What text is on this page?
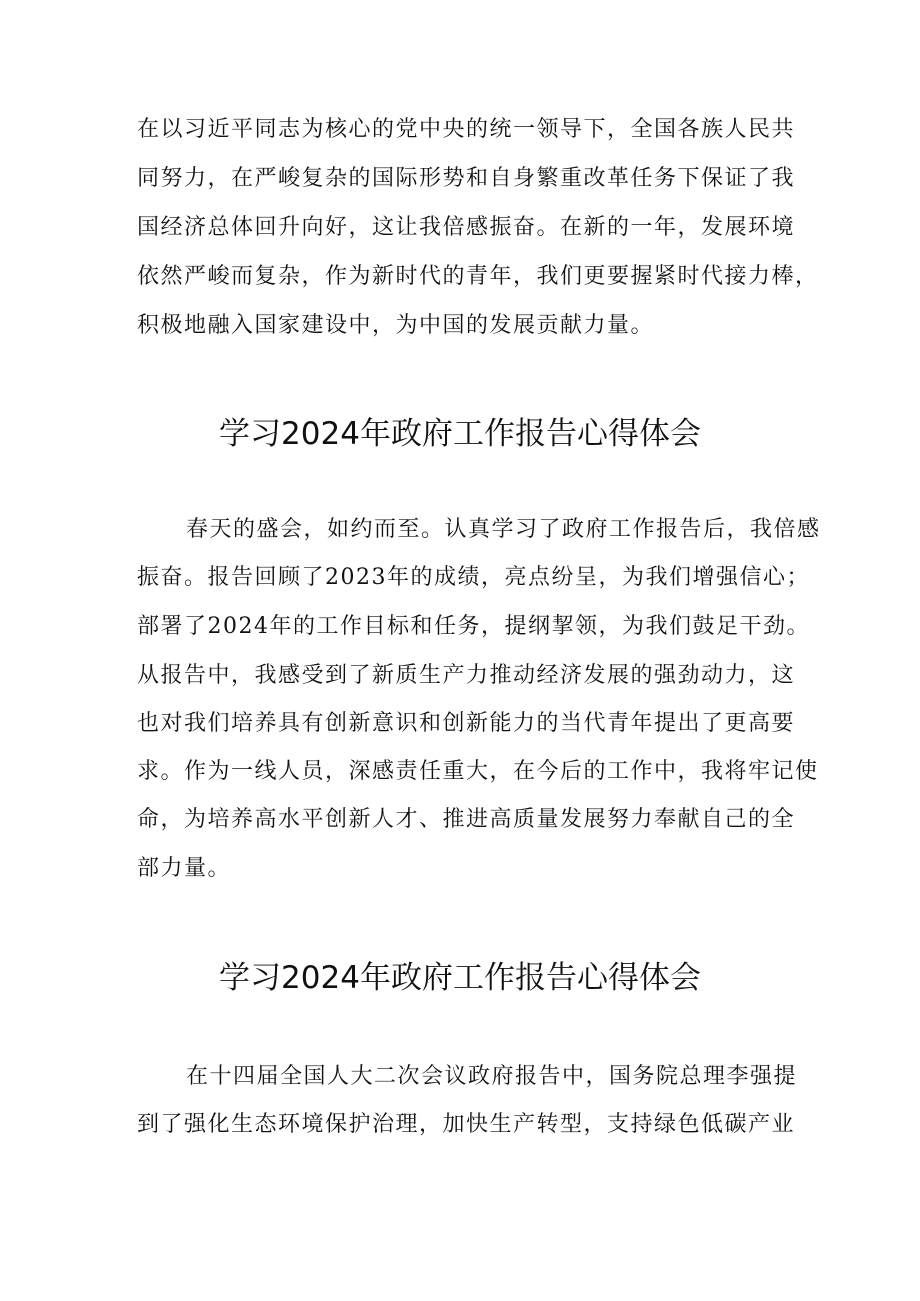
在以习近平同志为核心的党中央的统一领导下，全国各族人民共
同努力，在严峻复杂的国际形势和自身繁重改革任务下保证了我
国经济总体回升向好，这让我倍感振奋。在新的一年，发展环境
依然严峻而复杂，作为新时代的青年，我们更要握紧时代接力棒，
积极地融入国家建设中，为中国的发展贡献力量。
学习2024年政府工作报告心得体会
春天的盛会，如约而至。认真学习了政府工作报告后，我倍感
振奋。报告回顾了2023年的成绩，亮点纷呈，为我们增强信心；
部署了2024年的工作目标和任务，提纲挈领，为我们鼓足干劲。
从报告中，我感受到了新质生产力推动经济发展的强劲动力，这
也对我们培养具有创新意识和创新能力的当代青年提出了更高要
求。作为一线人员，深感责任重大，在今后的工作中，我将牢记使
命，为培养高水平创新人才、推进高质量发展努力奉献自己的全
部力量。
学习2024年政府工作报告心得体会
在十四届全国人大二次会议政府报告中，国务院总理李强提
到了强化生态环境保护治理，加快生产转型，支持绿色低碳产业
